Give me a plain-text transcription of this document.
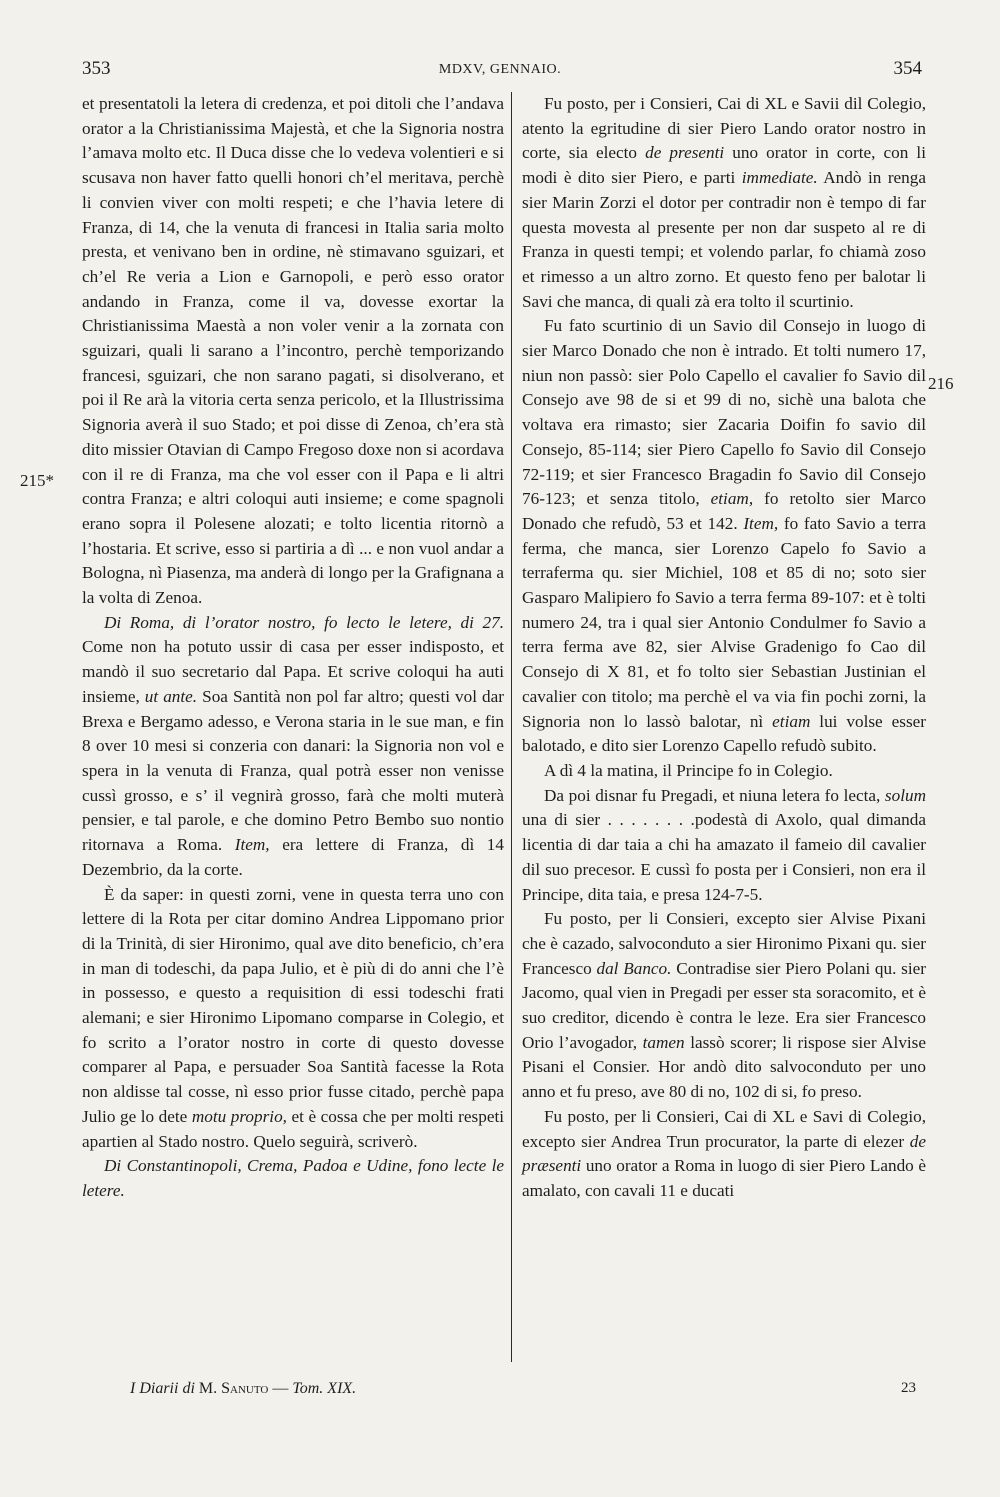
353	MDXV, GENNAIO.	354
215*
216

et presentatoli la letera di credenza, et poi ditoli che l’andava orator a la Christianissima Majestà, et che la Signoria nostra l’amava molto etc. Il Duca disse che lo vedeva volentieri e si scusava non haver fatto quelli honori ch’el meritava, perchè li convien viver con molti respeti; e che l’havia letere di Franza, di 14, che la venuta di francesi in Italia saria molto presta, et venivano ben in ordine, nè stimavano sguizari, et ch’el Re veria a Lion e Garnopoli, e però esso orator andando in Franza, come il va, dovesse exortar la Christianissima Maestà a non voler venir a la zornata con sguizari, quali li sarano a l’incontro, perchè temporizando francesi, sguizari, che non sarano pagati, si disolverano, et poi il Re arà la vitoria certa senza pericolo, et la Illustrissima Signoria averà il suo Stado; et poi disse di Zenoa, ch’era stà dito missier Otavian di Campo Fregoso doxe non si acordava con il re di Franza, ma che vol esser con il Papa e li altri contra Franza; e altri coloqui auti insieme; e come spagnoli erano sopra il Polesene alozati; e tolto licentia ritornò a l’hostaria. Et scrive, esso si partiria a dì ... e non vuol andar a Bologna, nì Piasenza, ma anderà di longo per la Grafignana a la volta di Zenoa.

Di Roma, di l’orator nostro, fo lecto le letere, di 27. Come non ha potuto ussir di casa per esser indisposto, et mandò il suo secretario dal Papa. Et scrive coloqui ha auti insieme, ut ante. Soa Santità non pol far altro; questi vol dar Brexa e Bergamo adesso, e Verona staria in le sue man, e fin 8 over 10 mesi si conzeria con danari: la Signoria non vol e spera in la venuta di Franza, qual potrà esser non venisse cussì grosso, e s’ il vegnirà grosso, farà che molti muterà pensier, e tal parole, e che domino Petro Bembo suo nontio ritornava a Roma. Item, era lettere di Franza, dì 14 Dezembrio, da la corte.

È da saper: in questi zorni, vene in questa terra uno con lettere di la Rota per citar domino Andrea Lippomano prior di la Trinità, di sier Hironimo, qual ave dito beneficio, ch’era in man di todeschi, da papa Julio, et è più di do anni che l’è in possesso, e questo a requisition di essi todeschi frati alemani; e sier Hironimo Lipomano comparse in Colegio, et fo scrito a l’orator nostro in corte di questo dovesse comparer al Papa, e persuader Soa Santità facesse la Rota non aldisse tal cosse, nì esso prior fusse citado, perchè papa Julio ge lo dete motu proprio, et è cossa che per molti respeti apartien al Stado nostro. Quelo seguirà, scriverò.

Di Constantinopoli, Crema, Padoa e Udine, fono lecte le letere.

Fu posto, per i Consieri, Cai di XL e Savii dil Colegio, atento la egritudine di sier Piero Lando orator nostro in corte, sia electo de presenti uno orator in corte, con li modi è dito sier Piero, e parti immediate. Andò in renga sier Marin Zorzi el dotor per contradir non è tempo di far questa movesta al presente per non dar suspeto al re di Franza in questi tempi; et volendo parlar, fo chiamà zoso et rimesso a un altro zorno. Et questo feno per balotar li Savi che manca, di quali zà era tolto il scurtinio.

Fu fato scurtinio di un Savio dil Consejo in luogo di sier Marco Donado che non è intrado. Et tolti numero 17, niun non passò: sier Polo Capello el cavalier fo Savio dil Consejo ave 98 de si et 99 di no, sichè una balota che voltava era rimasto; sier Zacaria Doifin fo savio dil Consejo, 85-114; sier Piero Capello fo Savio dil Consejo 72-119; et sier Francesco Bragadin fo Savio dil Consejo 76-123; et senza titolo, etiam, fo retolto sier Marco Donado che refudò, 53 et 142. Item, fo fato Savio a terra ferma, che manca, sier Lorenzo Capelo fo Savio a terraferma qu. sier Michiel, 108 et 85 di no; soto sier Gasparo Malipiero fo Savio a terra ferma 89-107: et è tolti numero 24, tra i qual sier Antonio Condulmer fo Savio a terra ferma ave 82, sier Alvise Gradenigo fo Cao dil Consejo di X 81, et fo tolto sier Sebastian Justinian el cavalier con titolo; ma perchè el va via fin pochi zorni, la Signoria non lo lassò balotar, nì etiam lui volse esser balotado, e dito sier Lorenzo Capello refudò subito.

A dì 4 la matina, il Principe fo in Colegio.

Da poi disnar fu Pregadi, et niuna letera fo lecta, solum una di sier . . . . . . . .podestà di Axolo, qual dimanda licentia di dar taia a chi ha amazato il fameio dil cavalier dil suo precesor. E cussì fo posta per i Consieri, non era il Principe, dita taia, e presa 124-7-5.

Fu posto, per li Consieri, excepto sier Alvise Pixani che è cazado, salvoconduto a sier Hironimo Pixani qu. sier Francesco dal Banco. Contradise sier Piero Polani qu. sier Jacomo, qual vien in Pregadi per esser sta soracomito, et è suo creditor, dicendo è contra le leze. Era sier Francesco Orio l’avogador, tamen lassò scorer; li rispose sier Alvise Pisani el Consier. Hor andò dito salvoconduto per uno anno et fu preso, ave 80 di no, 102 di si, fo preso.

Fu posto, per li Consieri, Cai di XL e Savi di Colegio, excepto sier Andrea Trun procurator, la parte di elezer de præsenti uno orator a Roma in luogo di sier Piero Lando è amalato, con cavali 11 e ducati

I Diarii di M. Sanuto — Tom. XIX.	23
